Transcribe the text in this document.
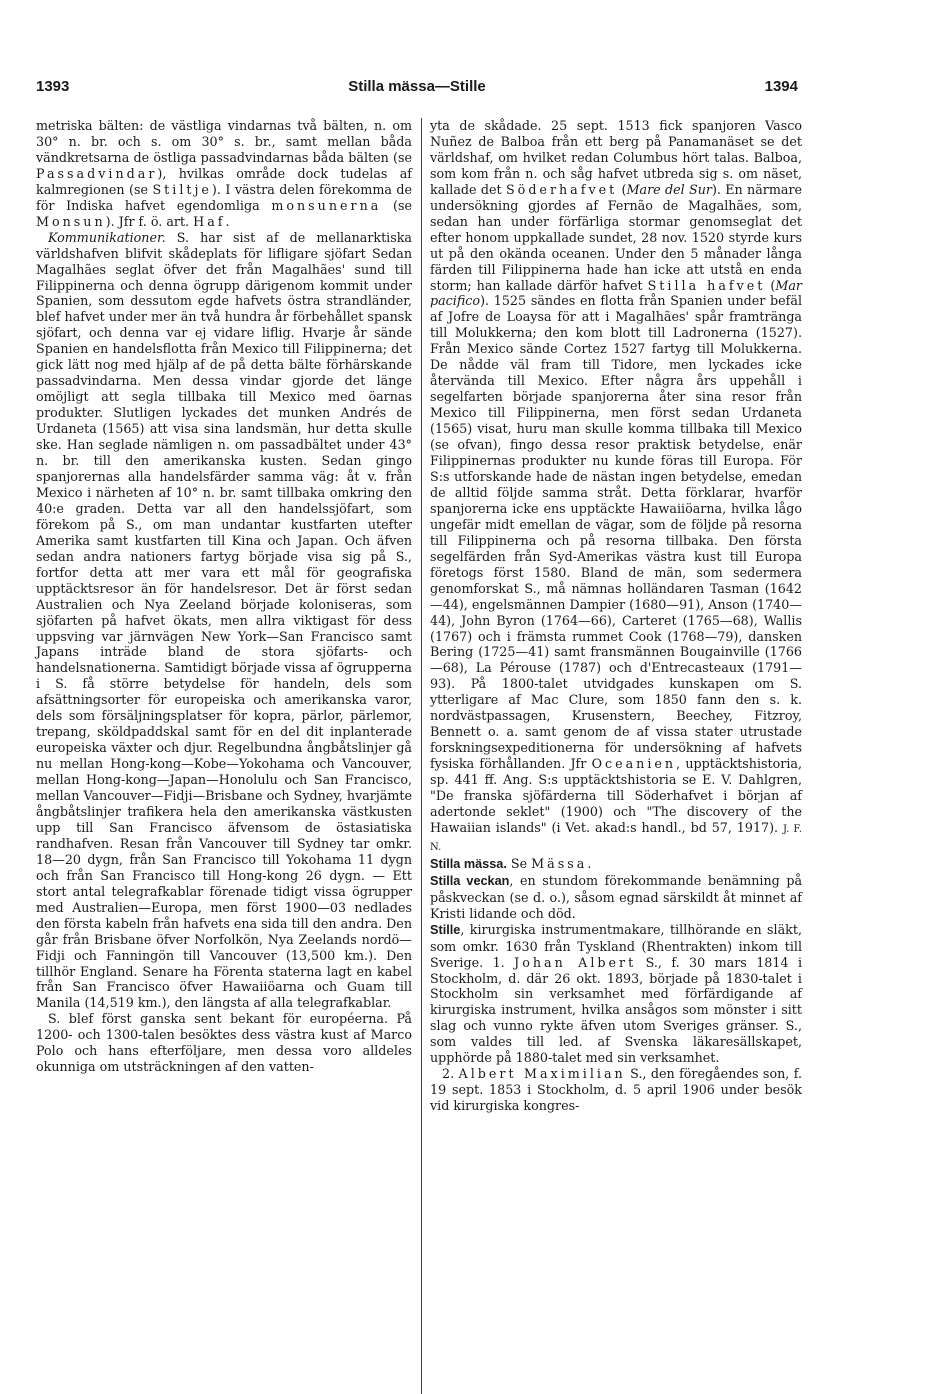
1393	Stilla mässa—Stille	1394

metriska bälten: de västliga vindarnas två bälten, n. om 30° n. br. och s. om 30° s. br., samt mellan båda vändkretsarna de östliga passadvindarnas båda bälten (se Passadvindar), hvilkas område dock tudelas af kalmregionen (se Stiltje). I västra delen förekomma de för Indiska hafvet egendomliga monsunerna (se Monsun). Jfr f. ö. art. Haf.

Kommunikationer. S. har sist af de mellanarktiska världshafven blifvit skådeplats för lifligare sjöfart Sedan Magalhães seglat öfver det från Magalhães' sund till Filippinerna och denna ögrupp därigenom kommit under Spanien, som dessutom egde hafvets östra strandländer, blef hafvet under mer än två hundra år förbehållet spansk sjöfart, och denna var ej vidare liflig. Hvarje år sände Spanien en handelsflotta från Mexico till Filippinerna; det gick lätt nog med hjälp af de på detta bälte förhärskande passadvindarna. Men dessa vindar gjorde det länge omöjligt att segla tillbaka till Mexico med öarnas produkter. Slutligen lyckades det munken Andrés de Urdaneta (1565) att visa sina landsmän, hur detta skulle ske. Han seglade nämligen n. om passadbältet under 43° n. br. till den amerikanska kusten. Sedan gingo spanjorernas alla handelsfärder samma väg: åt v. från Mexico i närheten af 10° n. br. samt tillbaka omkring den 40:e graden. Detta var all den handelssjöfart, som förekom på S., om man undantar kustfarten utefter Amerika samt kustfarten till Kina och Japan. Och äfven sedan andra nationers fartyg började visa sig på S., fortfor detta att mer vara ett mål för geografiska upptäcktsresor än för handelsresor. Det är först sedan Australien och Nya Zeeland började koloniseras, som sjöfarten på hafvet ökats, men allra viktigast för dess uppsving var järnvägen New York—San Francisco samt Japans inträde bland de stora sjöfarts- och handelsnationerna. Samtidigt började vissa af ögrupperna i S. få större betydelse för handeln, dels som afsättningsorter för europeiska och amerikanska varor, dels som försäljningsplatser för kopra, pärlor, pärlemor, trepang, sköldpaddskal samt för en del dit inplanterade europeiska växter och djur. Regelbundna ångbåtslinjer gå nu mellan Hong-kong—Kobe—Yokohama och Vancouver, mellan Hong-kong—Japan—Honolulu och San Francisco, mellan Vancouver—Fidji—Brisbane och Sydney, hvarjämte ångbåtslinjer trafikera hela den amerikanska västkusten upp till San Francisco äfvensom de östasiatiska randhafven. Resan från Vancouver till Sydney tar omkr. 18—20 dygn, från San Francisco till Yokohama 11 dygn och från San Francisco till Hong-kong 26 dygn. — Ett stort antal telegrafkablar förenade tidigt vissa ögrupper med Australien—Europa, men först 1900—03 nedlades den första kabeln från hafvets ena sida till den andra. Den går från Brisbane öfver Norfolkön, Nya Zeelands nordö—Fidji och Fanningön till Vancouver (13,500 km.). Den tillhör England. Senare ha Förenta staterna lagt en kabel från San Francisco öfver Hawaiiöarna och Guam till Manila (14,519 km.), den längsta af alla telegrafkablar.

S. blef först ganska sent bekant för européerna. På 1200- och 1300-talen besöktes dess västra kust af Marco Polo och hans efterföljare, men dessa voro alldeles okunniga om utsträckningen af den vatten-

yta de skådade. 25 sept. 1513 fick spanjoren Vasco Nuñez de Balboa från ett berg på Panamanäset se det världshaf, om hvilket redan Columbus hört talas. Balboa, som kom från n. och såg hafvet utbreda sig s. om näset, kallade det Söderhafvet (Mare del Sur). En närmare undersökning gjordes af Fernão de Magalhães, som, sedan han under förfärliga stormar genomseglat det efter honom uppkallade sundet, 28 nov. 1520 styrde kurs ut på den okända oceanen. Under den 5 månader långa färden till Filippinerna hade han icke att utstå en enda storm; han kallade därför hafvet Stilla hafvet (Mar pacifico). 1525 sändes en flotta från Spanien under befäl af Jofre de Loaysa för att i Magalhães' spår framtränga till Molukkerna; den kom blott till Ladronerna (1527). Från Mexico sände Cortez 1527 fartyg till Molukkerna. De nådde väl fram till Tidore, men lyckades icke återvända till Mexico. Efter några års uppehåll i segelfarten började spanjorerna åter sina resor från Mexico till Filippinerna, men först sedan Urdaneta (1565) visat, huru man skulle komma tillbaka till Mexico (se ofvan), fingo dessa resor praktisk betydelse, enär Filippinernas produkter nu kunde föras till Europa. För S:s utforskande hade de nästan ingen betydelse, emedan de alltid följde samma stråt. Detta förklarar, hvarför spanjorerna icke ens upptäckte Hawaiiöarna, hvilka lågo ungefär midt emellan de vägar, som de följde på resorna till Filippinerna och på resorna tillbaka. Den första segelfärden från Syd-Amerikas västra kust till Europa företogs först 1580. Bland de män, som sedermera genomforskat S., må nämnas holländaren Tasman (1642—44), engelsmännen Dampier (1680—91), Anson (1740—44), John Byron (1764—66), Carteret (1765—68), Wallis (1767) och i främsta rummet Cook (1768—79), dansken Bering (1725—41) samt fransmännen Bougainville (1766—68), La Pérouse (1787) och d'Entrecasteaux (1791—93). På 1800-talet utvidgades kunskapen om S. ytterligare af Mac Clure, som 1850 fann den s. k. nordvästpassagen, Krusenstern, Beechey, Fitzroy, Bennett o. a. samt genom de af vissa stater utrustade forskningsexpeditionerna för undersökning af hafvets fysiska förhållanden. Jfr Oceanien, upptäcktshistoria, sp. 441 ff. Ang. S:s upptäcktshistoria se E. V. Dahlgren, "De franska sjöfärderna till Söderhafvet i början af adertonde seklet" (1900) och "The discovery of the Hawaiian islands" (i Vet. akad:s handl., bd 57, 1917). J. F. N.

Stilla mässa. Se Mässa.

Stilla veckan, en stundom förekommande benämning på påskveckan (se d. o.), såsom egnad särskildt åt minnet af Kristi lidande och död.

Stille, kirurgiska instrumentmakare, tillhörande en släkt, som omkr. 1630 från Tyskland (Rhentrakten) inkom till Sverige. 1. Johan Albert S., f. 30 mars 1814 i Stockholm, d. där 26 okt. 1893, började på 1830-talet i Stockholm sin verksamhet med förfärdigande af kirurgiska instrument, hvilka ansågos som mönster i sitt slag och vunno rykte äfven utom Sveriges gränser. S., som valdes till led. af Svenska läkaresällskapet, upphörde på 1880-talet med sin verksamhet.

2. Albert Maximilian S., den föregåendes son, f. 19 sept. 1853 i Stockholm, d. 5 april 1906 under besök vid kirurgiska kongres-
